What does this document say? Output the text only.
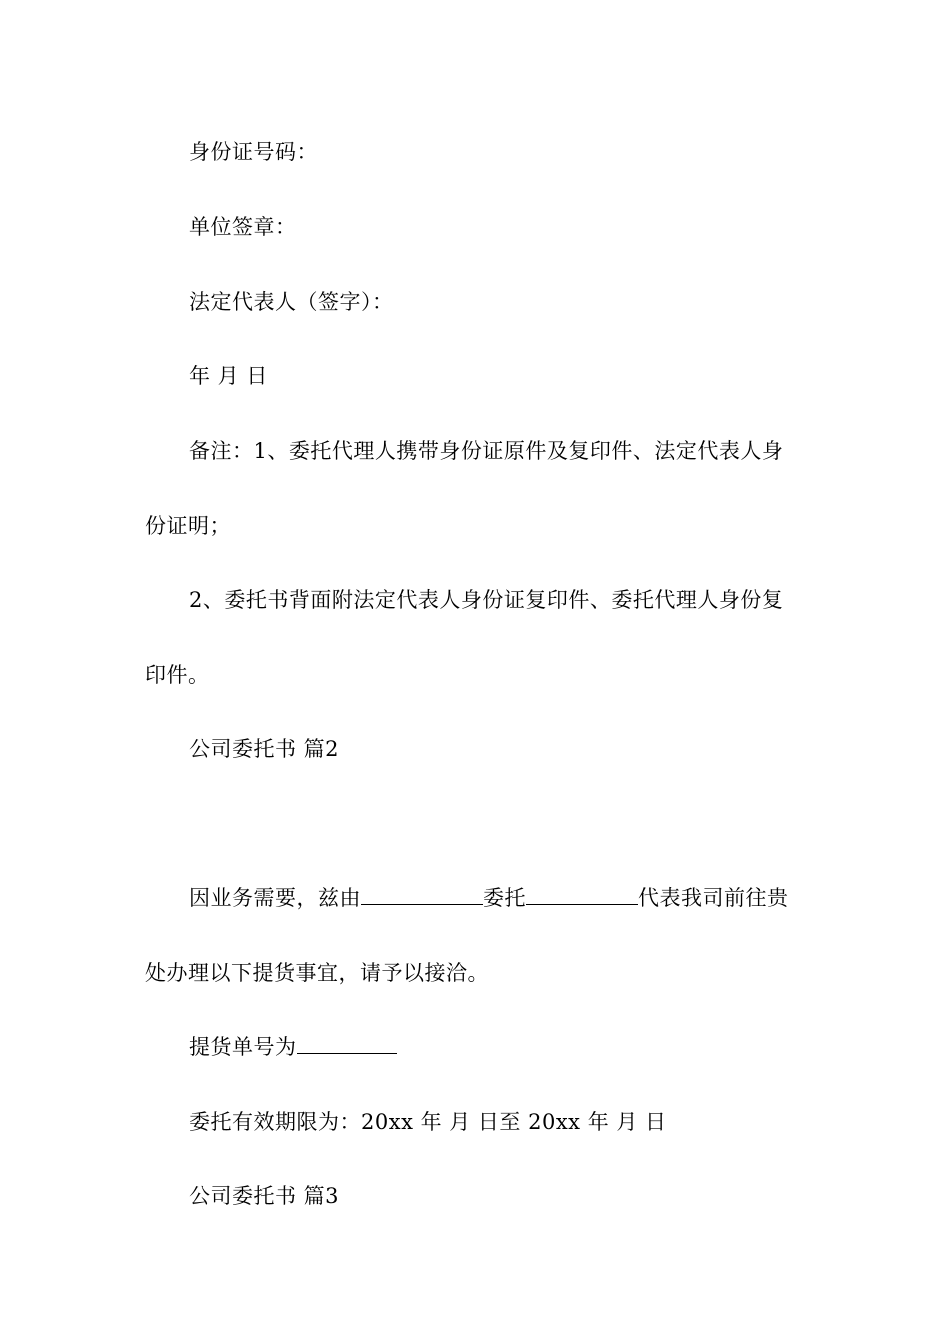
身份证号码：
单位签章：
法定代表人（签字）：
年 月 日
备注：1、委托代理人携带身份证原件及复印件、法定代表人身
份证明；
2、委托书背面附法定代表人身份证复印件、委托代理人身份复
印件。
公司委托书 篇2
因业务需要，兹由	委托	代表我司前往贵
处办理以下提货事宜，请予以接洽。
提货单号为
委托有效期限为：20xx 年 月 日至 20xx 年 月 日
公司委托书 篇3
